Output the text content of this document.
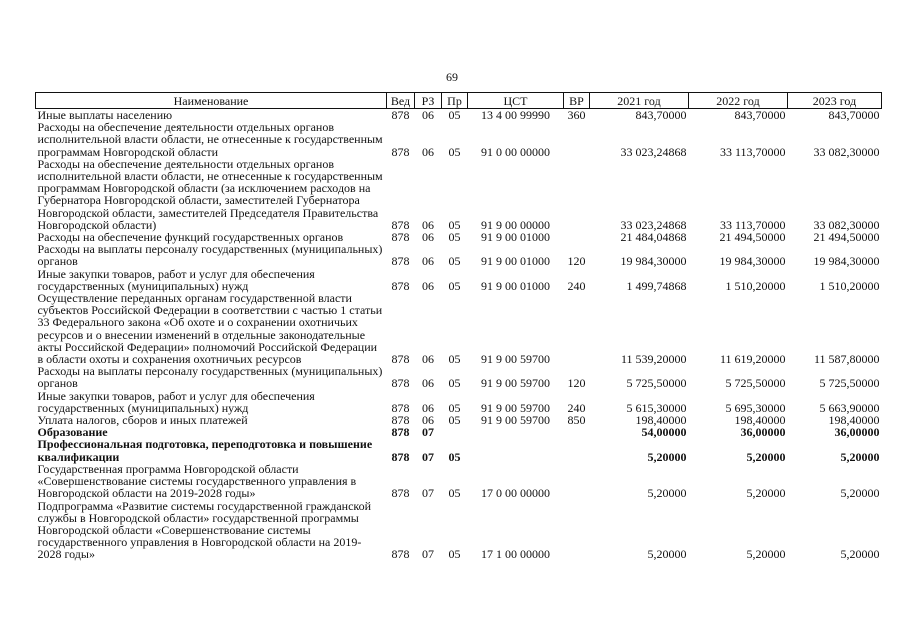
69
Наименование	Вед	РЗ	Пр	ЦСТ	ВР	2021 год	2022 год	2023 год
Иные выплаты населению	878	06	05	13 4 00 99990	360	843,70000	843,70000	843,70000
Расходы на обеспечение деятельности отдельных органов исполнительной власти области, не отнесенные к государственным программам Новгородской области	878	06	05	91 0 00 00000		33 023,24868	33 113,70000	33 082,30000
Расходы на обеспечение деятельности отдельных органов исполнительной власти области, не отнесенные к государственным программам Новгородской области (за исключением расходов на Губернатора Новгородской области, заместителей Губернатора Новгородской области, заместителей Председателя Правительства Новгородской области)	878	06	05	91 9 00 00000		33 023,24868	33 113,70000	33 082,30000
Расходы на обеспечение функций государственных органов	878	06	05	91 9 00 01000		21 484,04868	21 494,50000	21 494,50000
Расходы на выплаты персоналу государственных (муниципальных) органов	878	06	05	91 9 00 01000	120	19 984,30000	19 984,30000	19 984,30000
Иные закупки товаров, работ и услуг для обеспечения государственных (муниципальных) нужд	878	06	05	91 9 00 01000	240	1 499,74868	1 510,20000	1 510,20000
Осуществление переданных органам государственной власти субъектов Российской Федерации в соответствии с частью 1 статьи 33 Федерального закона «Об охоте и о сохранении охотничьих ресурсов и о внесении изменений в отдельные законодательные акты Российской Федерации» полномочий Российской Федерации в области охоты и сохранения охотничьих ресурсов	878	06	05	91 9 00 59700		11 539,20000	11 619,20000	11 587,80000
Расходы на выплаты персоналу государственных (муниципальных) органов	878	06	05	91 9 00 59700	120	5 725,50000	5 725,50000	5 725,50000
Иные закупки товаров, работ и услуг для обеспечения государственных (муниципальных) нужд	878	06	05	91 9 00 59700	240	5 615,30000	5 695,30000	5 663,90000
Уплата налогов, сборов и иных платежей	878	06	05	91 9 00 59700	850	198,40000	198,40000	198,40000
Образование	878	07				54,00000	36,00000	36,00000
Профессиональная подготовка, переподготовка и повышение квалификации	878	07	05			5,20000	5,20000	5,20000
Государственная программа Новгородской области «Совершенствование системы государственного управления в Новгородской области на 2019-2028 годы»	878	07	05	17 0 00 00000		5,20000	5,20000	5,20000
Подпрограмма «Развитие системы государственной гражданской службы в Новгородской области» государственной программы Новгородской области «Совершенствование системы государственного управления в Новгородской области на 2019-2028 годы»	878	07	05	17 1 00 00000		5,20000	5,20000	5,20000
